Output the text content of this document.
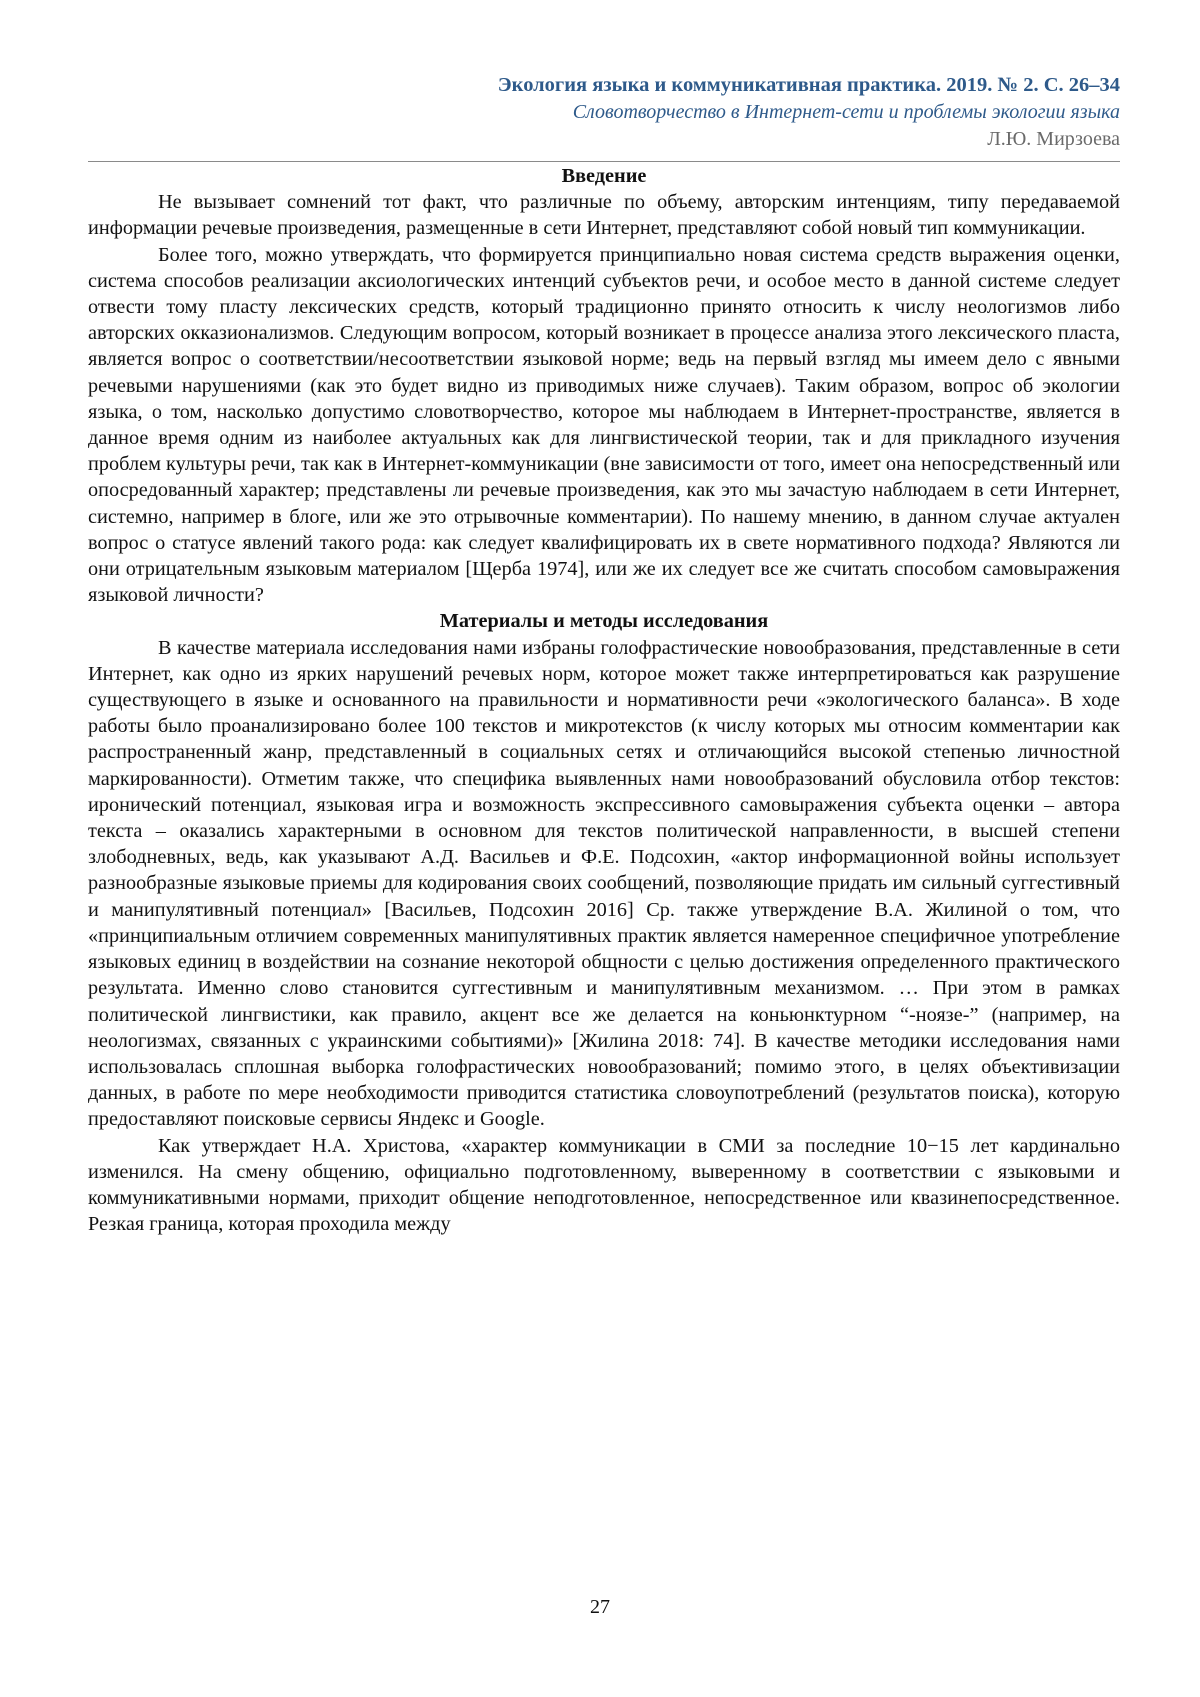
Экология языка и коммуникативная практика. 2019. № 2. С. 26–34
Словотворчество в Интернет-сети и проблемы экологии языка
Л.Ю. Мирзоева
Введение

Не вызывает сомнений тот факт, что различные по объему, авторским интенциям, типу передаваемой информации речевые произведения, размещенные в сети Интернет, представляют собой новый тип коммуникации.

Более того, можно утверждать, что формируется принципиально новая система средств выражения оценки, система способов реализации аксиологических интенций субъектов речи, и особое место в данной системе следует отвести тому пласту лексических средств, который традиционно принято относить к числу неологизмов либо авторских окказионализмов. Следующим вопросом, который возникает в процессе анализа этого лексического пласта, является вопрос о соответствии/несоответствии языковой норме; ведь на первый взгляд мы имеем дело с явными речевыми нарушениями (как это будет видно из приводимых ниже случаев). Таким образом, вопрос об экологии языка, о том, насколько допустимо словотворчество, которое мы наблюдаем в Интернет-пространстве, является в данное время одним из наиболее актуальных как для лингвистической теории, так и для прикладного изучения проблем культуры речи, так как в Интернет-коммуникации (вне зависимости от того, имеет она непосредственный или опосредованный характер; представлены ли речевые произведения, как это мы зачастую наблюдаем в сети Интернет, системно, например в блоге, или же это отрывочные комментарии). По нашему мнению, в данном случае актуален вопрос о статусе явлений такого рода: как следует квалифицировать их в свете нормативного подхода? Являются ли они отрицательным языковым материалом [Щерба 1974], или же их следует все же считать способом самовыражения языковой личности?

Материалы и методы исследования

В качестве материала исследования нами избраны голофрастические новообразования, представленные в сети Интернет, как одно из ярких нарушений речевых норм, которое может также интерпретироваться как разрушение существующего в языке и основанного на правильности и нормативности речи «экологического баланса». В ходе работы было проанализировано более 100 текстов и микротекстов (к числу которых мы относим комментарии как распространенный жанр, представленный в социальных сетях и отличающийся высокой степенью личностной маркированности). Отметим также, что специфика выявленных нами новообразований обусловила отбор текстов: иронический потенциал, языковая игра и возможность экспрессивного самовыражения субъекта оценки – автора текста – оказались характерными в основном для текстов политической направленности, в высшей степени злободневных, ведь, как указывают А.Д. Васильев и Ф.Е. Подсохин, «актор информационной войны использует разнообразные языковые приемы для кодирования своих сообщений, позволяющие придать им сильный суггестивный и манипулятивный потенциал» [Васильев, Подсохин 2016] Ср. также утверждение В.А. Жилиной о том, что «принципиальным отличием современных манипулятивных практик является намеренное специфичное употребление языковых единиц в воздействии на сознание некоторой общности с целью достижения определенного практического результата. Именно слово становится суггестивным и манипулятивным механизмом. … При этом в рамках политической лингвистики, как правило, акцент все же делается на коньюнктурном “-ноязе-” (например, на неологизмах, связанных с украинскими событиями)» [Жилина 2018: 74]. В качестве методики исследования нами использовалась сплошная выборка голофрастических новообразований; помимо этого, в целях объективизации данных, в работе по мере необходимости приводится статистика словоупотреблений (результатов поиска), которую предоставляют поисковые сервисы Яндекс и Google.

Как утверждает Н.А. Христова, «характер коммуникации в СМИ за последние 10−15 лет кардинально изменился. На смену общению, официально подготовленному, выверенному в соответствии с языковыми и коммуникативными нормами, приходит общение неподготовленное, непосредственное или квазинепосредственное. Резкая граница, которая проходила между

27
